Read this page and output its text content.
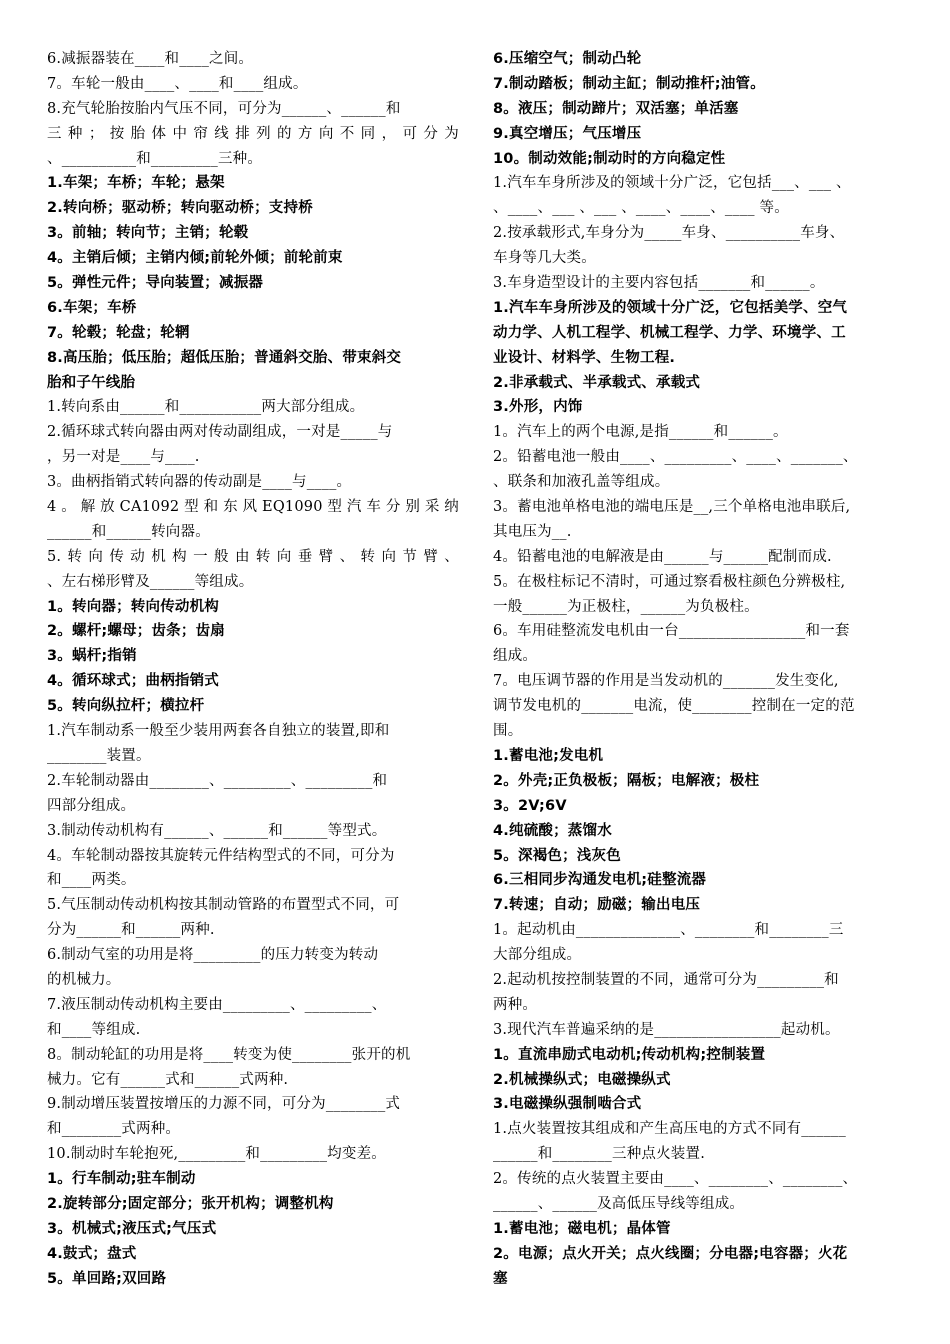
6.减振器装在____和____之间。
7。车轮一般由____、____和____组成。
8.充气轮胎按胎内气压不同，可分为______、______和
三种；按胎体中帘线排列的方向不同，可分为
、__________和_________三种。
1.车架；车桥；车轮；悬架
2.转向桥；驱动桥；转向驱动桥；支持桥
3。前轴；转向节；主销；轮毂
4。主销后倾；主销内倾;前轮外倾；前轮前束
5。弹性元件；导向装置；减振器
6.车架；车桥
7。轮毂；轮盘；轮辋
8.高压胎；低压胎；超低压胎；普通斜交胎、带束斜交
胎和子午线胎
1.转向系由______和___________两大部分组成。
2.循环球式转向器由两对传动副组成，一对是_____与
，另一对是____与____.
3。曲柄指销式转向器的传动副是____与____。
4。解放CA1092型和东风EQ1090型汽车分别采纳
______和______转向器。
5.转向传动机构一般由转向垂臂、转向节臂、
、左右梯形臂及______等组成。
1。转向器；转向传动机构
2。螺杆;螺母；齿条；齿扇
3。蜗杆;指销
4。循环球式；曲柄指销式
5。转向纵拉杆；横拉杆
1.汽车制动系一般至少装用两套各自独立的装置,即和
________装置。
2.车轮制动器由________、_________、_________和
四部分组成。
3.制动传动机构有______、______和______等型式。
4。车轮制动器按其旋转元件结构型式的不同，可分为
和____两类。
5.气压制动传动机构按其制动管路的布置型式不同，可
分为______和______两种.
6.制动气室的功用是将_________的压力转变为转动
的机械力。
7.液压制动传动机构主要由_________、_________、
和____等组成.
8。制动轮缸的功用是将____转变为使________张开的机
械力。它有______式和______式两种.
9.制动增压装置按增压的力源不同，可分为________式
和________式两种。
10.制动时车轮抱死,_________和_________均变差。
1。行车制动;驻车制动
2.旋转部分;固定部分；张开机构；调整机构
3。机械式;液压式;气压式
4.鼓式；盘式
5。单回路;双回路
6.压缩空气；制动凸轮
7.制动踏板；制动主缸；制动推杆;油管。
8。液压；制动蹄片；双活塞；单活塞
9.真空增压；气压增压
10。制动效能;制动时的方向稳定性
1.汽车车身所涉及的领域十分广泛，它包括___、___ 、
、____、___ 、___ 、____、____、____ 等。
2.按承载形式,车身分为_____车身、__________车身、
车身等几大类。
3.车身造型设计的主要内容包括_______和______。
1.汽车车身所涉及的领域十分广泛，它包括美学、空气
动力学、人机工程学、机械工程学、力学、环境学、工
业设计、材料学、生物工程.
2.非承载式、半承载式、承载式
3.外形，内饰
1。汽车上的两个电源,是指______和______。
2。铅蓄电池一般由____、_________、____、_______、
、联条和加液孔盖等组成。
3。蓄电池单格电池的端电压是__,三个单格电池串联后,
其电压为__.
4。铅蓄电池的电解液是由______与______配制而成.
5。在极柱标记不清时，可通过察看极柱颜色分辨极柱,
一般______为正极柱，______为负极柱。
6。车用硅整流发电机由一台_________________和一套
组成。
7。电压调节器的作用是当发动机的_______发生变化,
调节发电机的_______电流，使________控制在一定的范
围。
1.蓄电池;发电机
2。外壳;正负极板；隔板；电解液；极柱
3。2V;6V
4.纯硫酸；蒸馏水
5。深褐色；浅灰色
6.三相同步沟通发电机;硅整流器
7.转速；自动；励磁；输出电压
1。起动机由______________、________和________三
大部分组成。
2.起动机按控制装置的不同，通常可分为_________和
两种。
3.现代汽车普遍采纳的是_________________起动机。
1。直流串励式电动机;传动机构;控制装置
2.机械操纵式；电磁操纵式
3.电磁操纵强制啮合式
1.点火装置按其组成和产生高压电的方式不同有______
______和________三种点火装置.
2。传统的点火装置主要由____、________、________、
______、______及高低压导线等组成。
1.蓄电池；磁电机；晶体管
2。电源；点火开关；点火线圈；分电器;电容器；火花
塞
